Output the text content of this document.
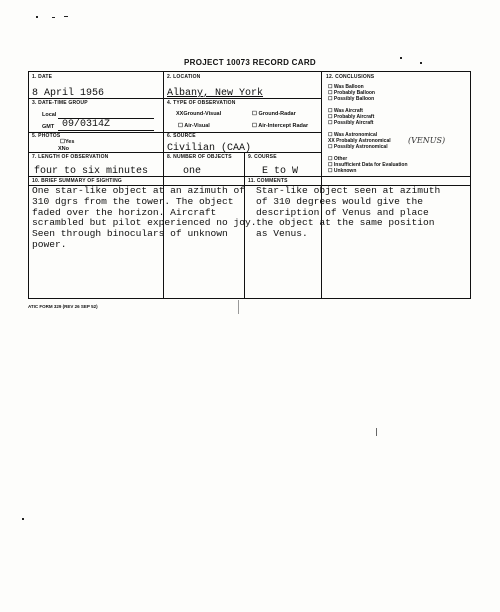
PROJECT 10073 RECORD CARD
1. DATE
8 April 1956
2. LOCATION
Albany, New York
3. DATE-TIME GROUP
Local
GMT 09/0314Z
4. TYPE OF OBSERVATION
XXGround-Visual	☐ Ground-Radar
☐ Air-Visual	☐ Air-Intercept Radar
5. PHOTOS
☐Yes
XNo
6. SOURCE
Civilian (CAA)
7. LENGTH OF OBSERVATION
four to six minutes
8. NUMBER OF OBJECTS
one
9. COURSE
E to W
10. BRIEF SUMMARY OF SIGHTING
One star-like object at an azimuth of
310 dgrs from the tower. The object
faded over the horizon. Aircraft
scrambled but pilot experienced no joy.
Seen through binoculars of unknown
power.
11. COMMENTS
Star-like object seen at azimuth
of 310 degrees would give the
description of Venus and place
the object at the same position
as Venus.
12. CONCLUSIONS
☐ Was Balloon
☐ Probably Balloon
☐ Possibly Balloon
☐ Was Aircraft
☐ Probably Aircraft
☐ Possibly Aircraft
☐ Was Astronomical
XX Probably Astronomical
☐ Possibly Astronomical
(VENUS)
☐ Other
☐ Insufficient Data for Evaluation
☐ Unknown
ATIC FORM 329 (REV 26 SEP 52)
